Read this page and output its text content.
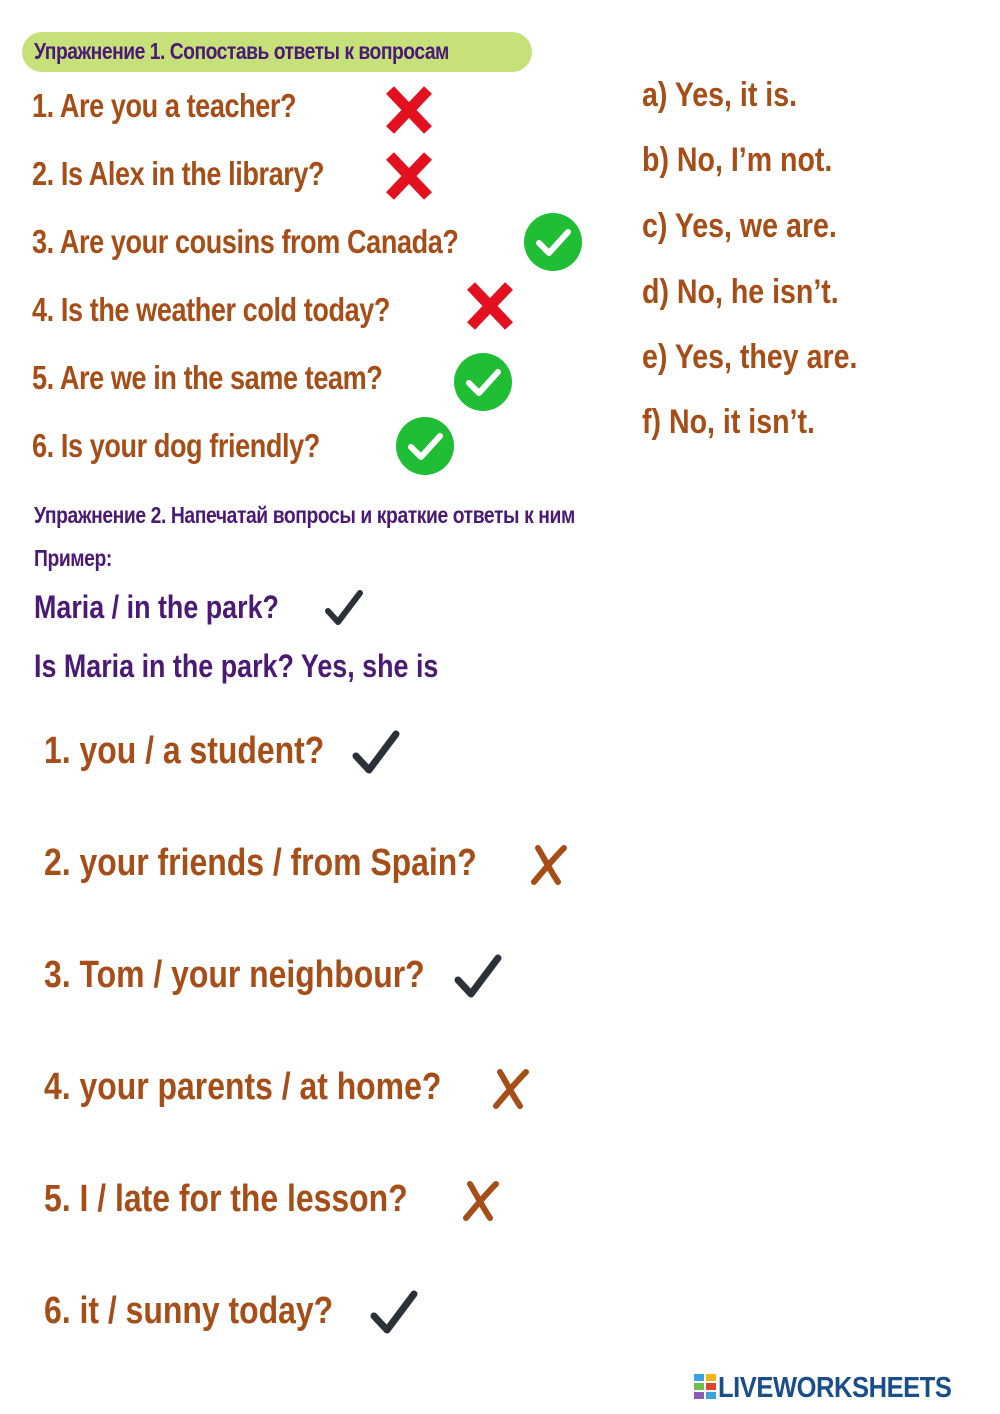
Упражнение 1. Сопоставь ответы к вопросам
1. Are you a teacher?
2. Is Alex in the library?
3. Are your cousins from Canada?
4. Is the weather cold today?
5. Are we in the same team?
6. Is your dog friendly?
a) Yes, it is.
b) No, I’m not.
c) Yes, we are.
d) No, he isn’t.
e) Yes, they are.
f) No, it isn’t.
Упражнение 2. Напечатай вопросы и краткие ответы к ним
Пример:
Maria / in the park?
Is Maria in the park? Yes, she is
1. you / a student?
2. your friends / from Spain?
3. Tom / your neighbour?
4. your parents / at home?
5. I / late for the lesson?
6. it / sunny today?
LIVEWORKSHEETS
